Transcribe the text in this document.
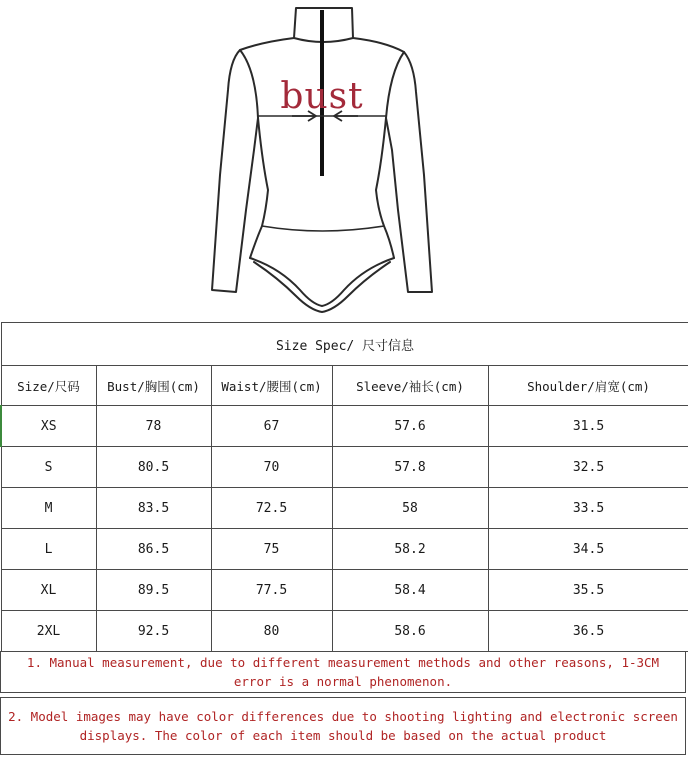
bust
Size Spec/ 尺寸信息				
Size/尺码	Bust/胸围(cm)	Waist/腰围(cm)	Sleeve/袖长(cm)	Shoulder/肩宽(cm)
XS	78	67	57.6	31.5
S	80.5	70	57.8	32.5
M	83.5	72.5	58	33.5
L	86.5	75	58.2	34.5
XL	89.5	77.5	58.4	35.5
2XL	92.5	80	58.6	36.5
1. Manual measurement, due to different measurement methods and other reasons, 1-3CM error is a normal phenomenon.
2. Model images may have color differences due to shooting lighting and electronic screen displays. The color of each item should be based on the actual product
